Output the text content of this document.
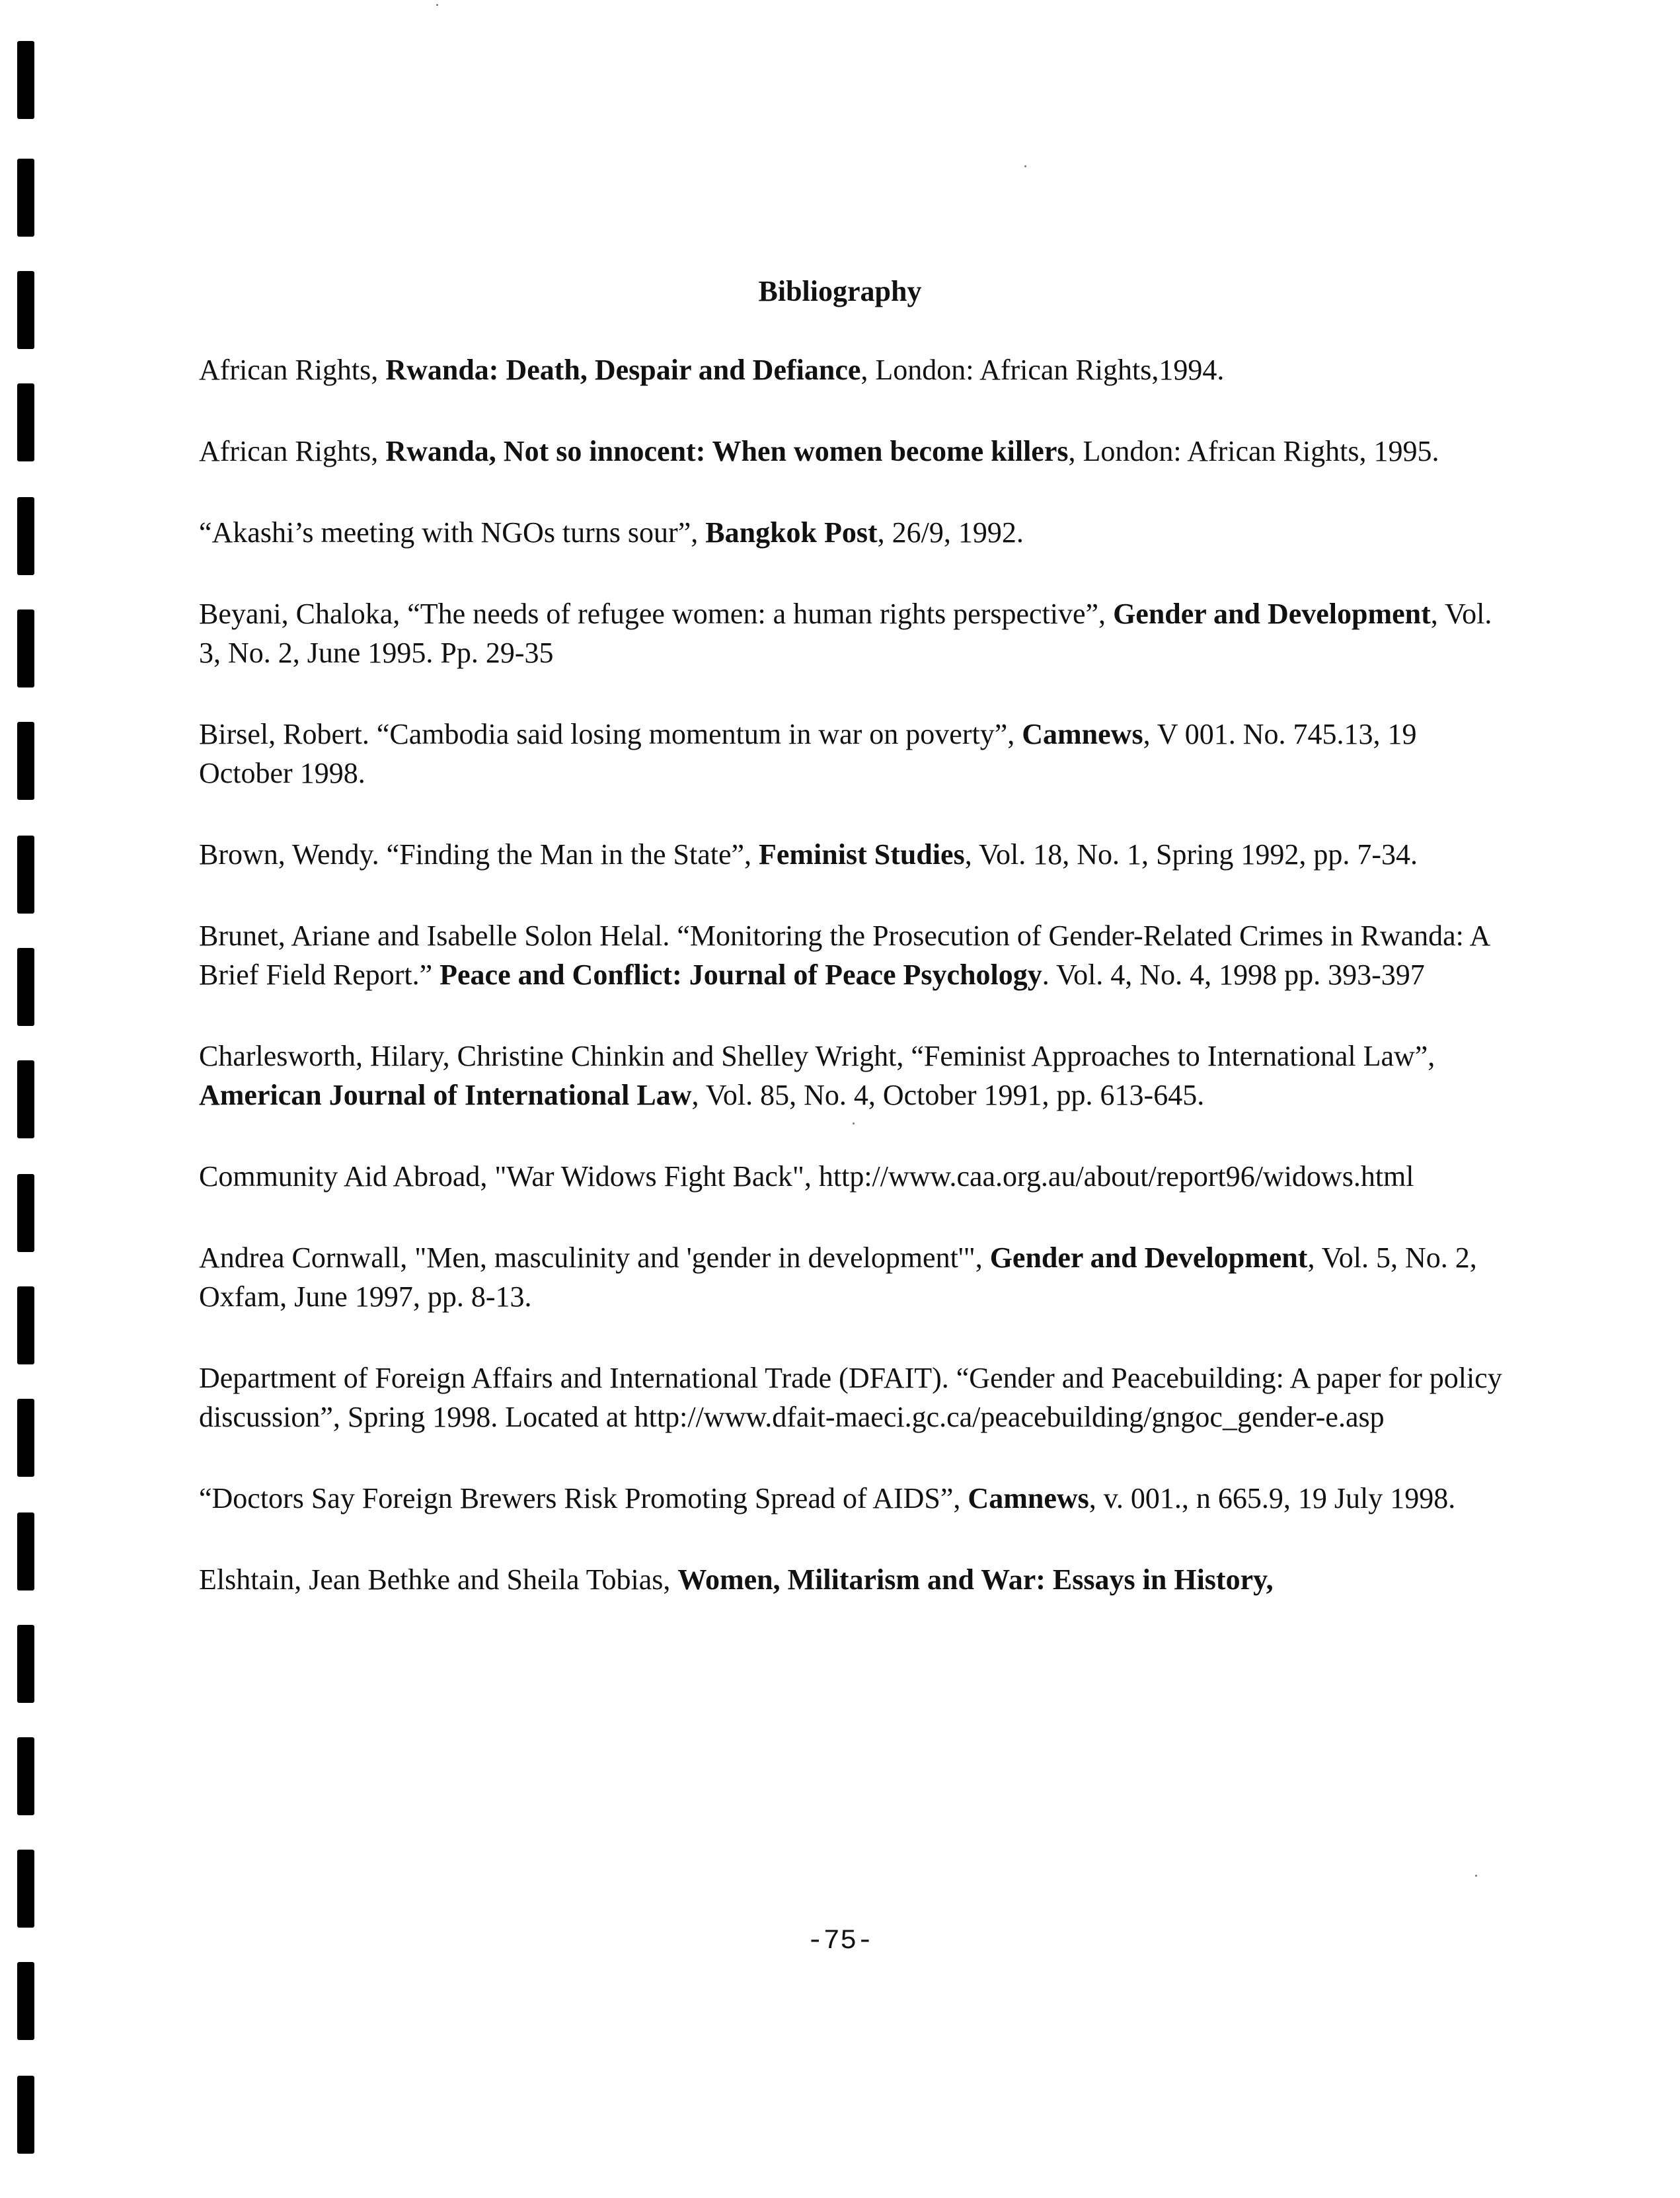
Bibliography

African Rights, Rwanda: Death, Despair and Defiance, London: African Rights,1994.

African Rights, Rwanda, Not so innocent: When women become killers, London: African Rights, 1995.

“Akashi’s meeting with NGOs turns sour”, Bangkok Post, 26/9, 1992.

Beyani, Chaloka, “The needs of refugee women: a human rights perspective”, Gender and Development, Vol. 3, No. 2, June 1995. Pp. 29-35

Birsel, Robert. “Cambodia said losing momentum in war on poverty”, Camnews, V 001. No. 745.13, 19 October 1998.

Brown, Wendy. “Finding the Man in the State”, Feminist Studies, Vol. 18, No. 1, Spring 1992, pp. 7-34.

Brunet, Ariane and Isabelle Solon Helal. “Monitoring the Prosecution of Gender-Related Crimes in Rwanda: A Brief Field Report.” Peace and Conflict: Journal of Peace Psychology. Vol. 4, No. 4, 1998 pp. 393-397

Charlesworth, Hilary, Christine Chinkin and Shelley Wright, “Feminist Approaches to International Law”, American Journal of International Law, Vol. 85, No. 4, October 1991, pp. 613-645.

Community Aid Abroad, "War Widows Fight Back", http://www.caa.org.au/about/report96/widows.html

Andrea Cornwall, "Men, masculinity and 'gender in development'", Gender and Development, Vol. 5, No. 2, Oxfam, June 1997, pp. 8-13.

Department of Foreign Affairs and International Trade (DFAIT). “Gender and Peacebuilding: A paper for policy discussion”, Spring 1998. Located at http://www.dfait-maeci.gc.ca/peacebuilding/gngoc_gender-e.asp

“Doctors Say Foreign Brewers Risk Promoting Spread of AIDS”, Camnews, v. 001., n 665.9, 19 July 1998.

Elshtain, Jean Bethke and Sheila Tobias, Women, Militarism and War: Essays in History,

-75-
